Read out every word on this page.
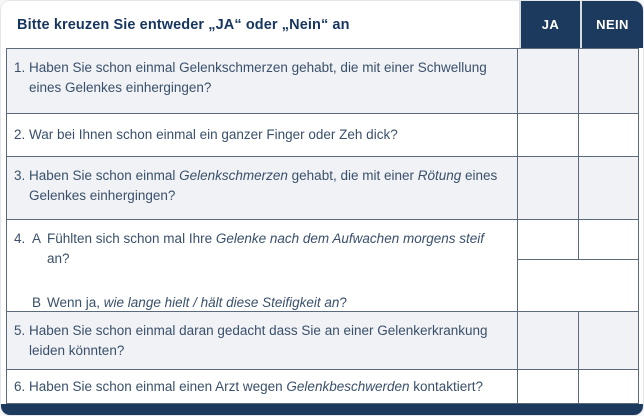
Bitte kreuzen Sie entweder „JA“ oder „Nein“ an	JA	NEIN
1. Haben Sie schon einmal Gelenkschmerzen gehabt, die mit einer Schwellung eines Gelenkes einhergingen?
2. War bei Ihnen schon einmal ein ganzer Finger oder Zeh dick?
3. Haben Sie schon einmal Gelenkschmerzen gehabt, die mit einer Rötung eines Gelenkes einhergingen?
4. A Fühlten sich schon mal Ihre Gelenke nach dem Aufwachen morgens steif an?
B Wenn ja, wie lange hielt / hält diese Steifigkeit an?
5. Haben Sie schon einmal daran gedacht dass Sie an einer Gelenkerkrankung leiden könnten?
6. Haben Sie schon einmal einen Arzt wegen Gelenkbeschwerden kontaktiert?
